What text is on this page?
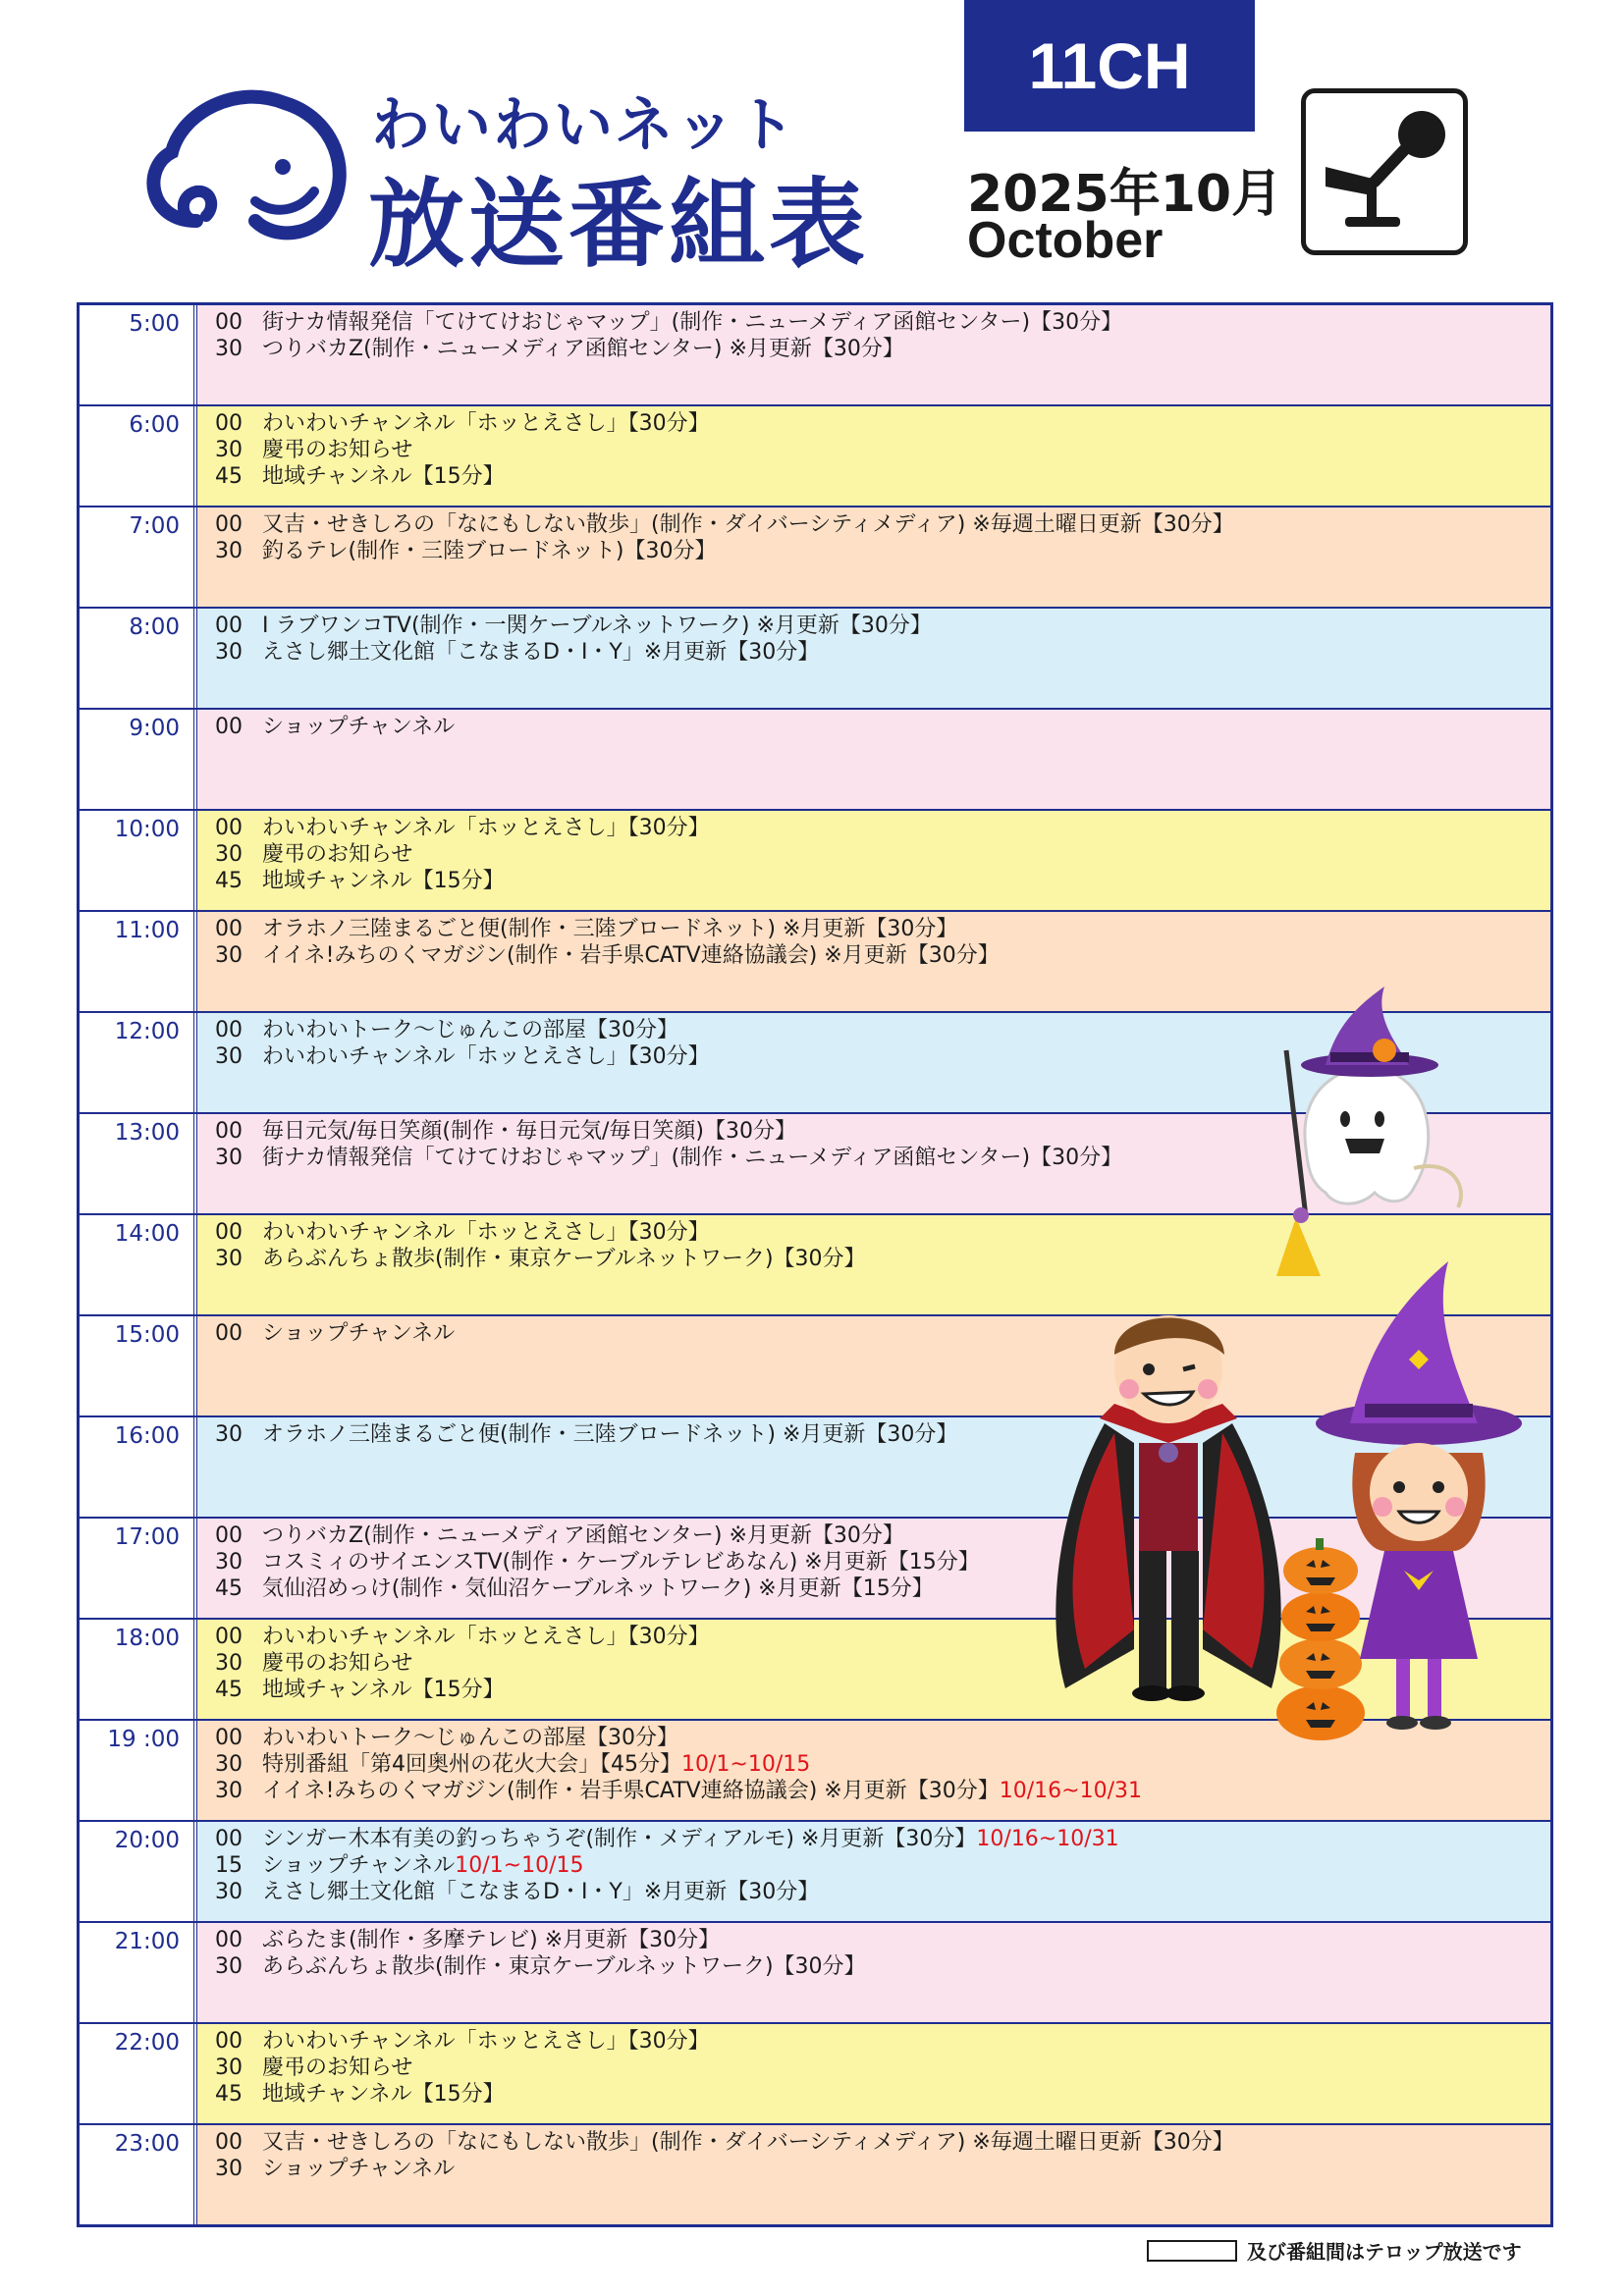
わいわいネット
放送番組表
11CH
2025年10月
October
5:00	00 街ナカ情報発信「てけてけおじゃマップ」(制作・ニューメディア函館センター)【30分】
30 つりバカZ(制作・ニューメディア函館センター) ※月更新【30分】
6:00	00 わいわいチャンネル「ホッとえさし」【30分】
30 慶弔のお知らせ
45 地域チャンネル【15分】
7:00	00 又吉・せきしろの「なにもしない散歩」(制作・ダイバーシティメディア) ※毎週土曜日更新【30分】
30 釣るテレ(制作・三陸ブロードネット)【30分】
8:00	00 I ラブワンコTV(制作・一関ケーブルネットワーク) ※月更新【30分】
30 えさし郷土文化館「こなまるD・I・Y」※月更新【30分】
9:00	00 ショップチャンネル
10:00	00 わいわいチャンネル「ホッとえさし」【30分】
30 慶弔のお知らせ
45 地域チャンネル【15分】
11:00	00 オラホノ三陸まるごと便(制作・三陸ブロードネット) ※月更新【30分】
30 イイネ!みちのくマガジン(制作・岩手県CATV連絡協議会) ※月更新【30分】
12:00	00 わいわいトーク〜じゅんこの部屋【30分】
30 わいわいチャンネル「ホッとえさし」【30分】
13:00	00 毎日元気/毎日笑顔(制作・毎日元気/毎日笑顔)【30分】
30 街ナカ情報発信「てけてけおじゃマップ」(制作・ニューメディア函館センター)【30分】
14:00	00 わいわいチャンネル「ホッとえさし」【30分】
30 あらぶんちょ散歩(制作・東京ケーブルネットワーク)【30分】
15:00	00 ショップチャンネル
16:00	30 オラホノ三陸まるごと便(制作・三陸ブロードネット) ※月更新【30分】
17:00	00 つりバカZ(制作・ニューメディア函館センター) ※月更新【30分】
30 コスミィのサイエンスTV(制作・ケーブルテレビあなん) ※月更新【15分】
45 気仙沼めっけ(制作・気仙沼ケーブルネットワーク) ※月更新【15分】
18:00	00 わいわいチャンネル「ホッとえさし」【30分】
30 慶弔のお知らせ
45 地域チャンネル【15分】
19 :00	00 わいわいトーク〜じゅんこの部屋【30分】
30 特別番組「第4回奥州の花火大会」【45分】 10/1~10/15
30 イイネ!みちのくマガジン(制作・岩手県CATV連絡協議会) ※月更新【30分】 10/16~10/31
20:00	00 シンガー木本有美の釣っちゃうぞ(制作・メディアルモ) ※月更新【30分】 10/16~10/31
15 ショップチャンネル 10/1~10/15
30 えさし郷土文化館「こなまるD・I・Y」※月更新【30分】
21:00	00 ぶらたま(制作・多摩テレビ) ※月更新【30分】
30 あらぶんちょ散歩(制作・東京ケーブルネットワーク)【30分】
22:00	00 わいわいチャンネル「ホッとえさし」【30分】
30 慶弔のお知らせ
45 地域チャンネル【15分】
23:00	00 又吉・せきしろの「なにもしない散歩」(制作・ダイバーシティメディア) ※毎週土曜日更新【30分】
30 ショップチャンネル
及び番組間はテロップ放送です
